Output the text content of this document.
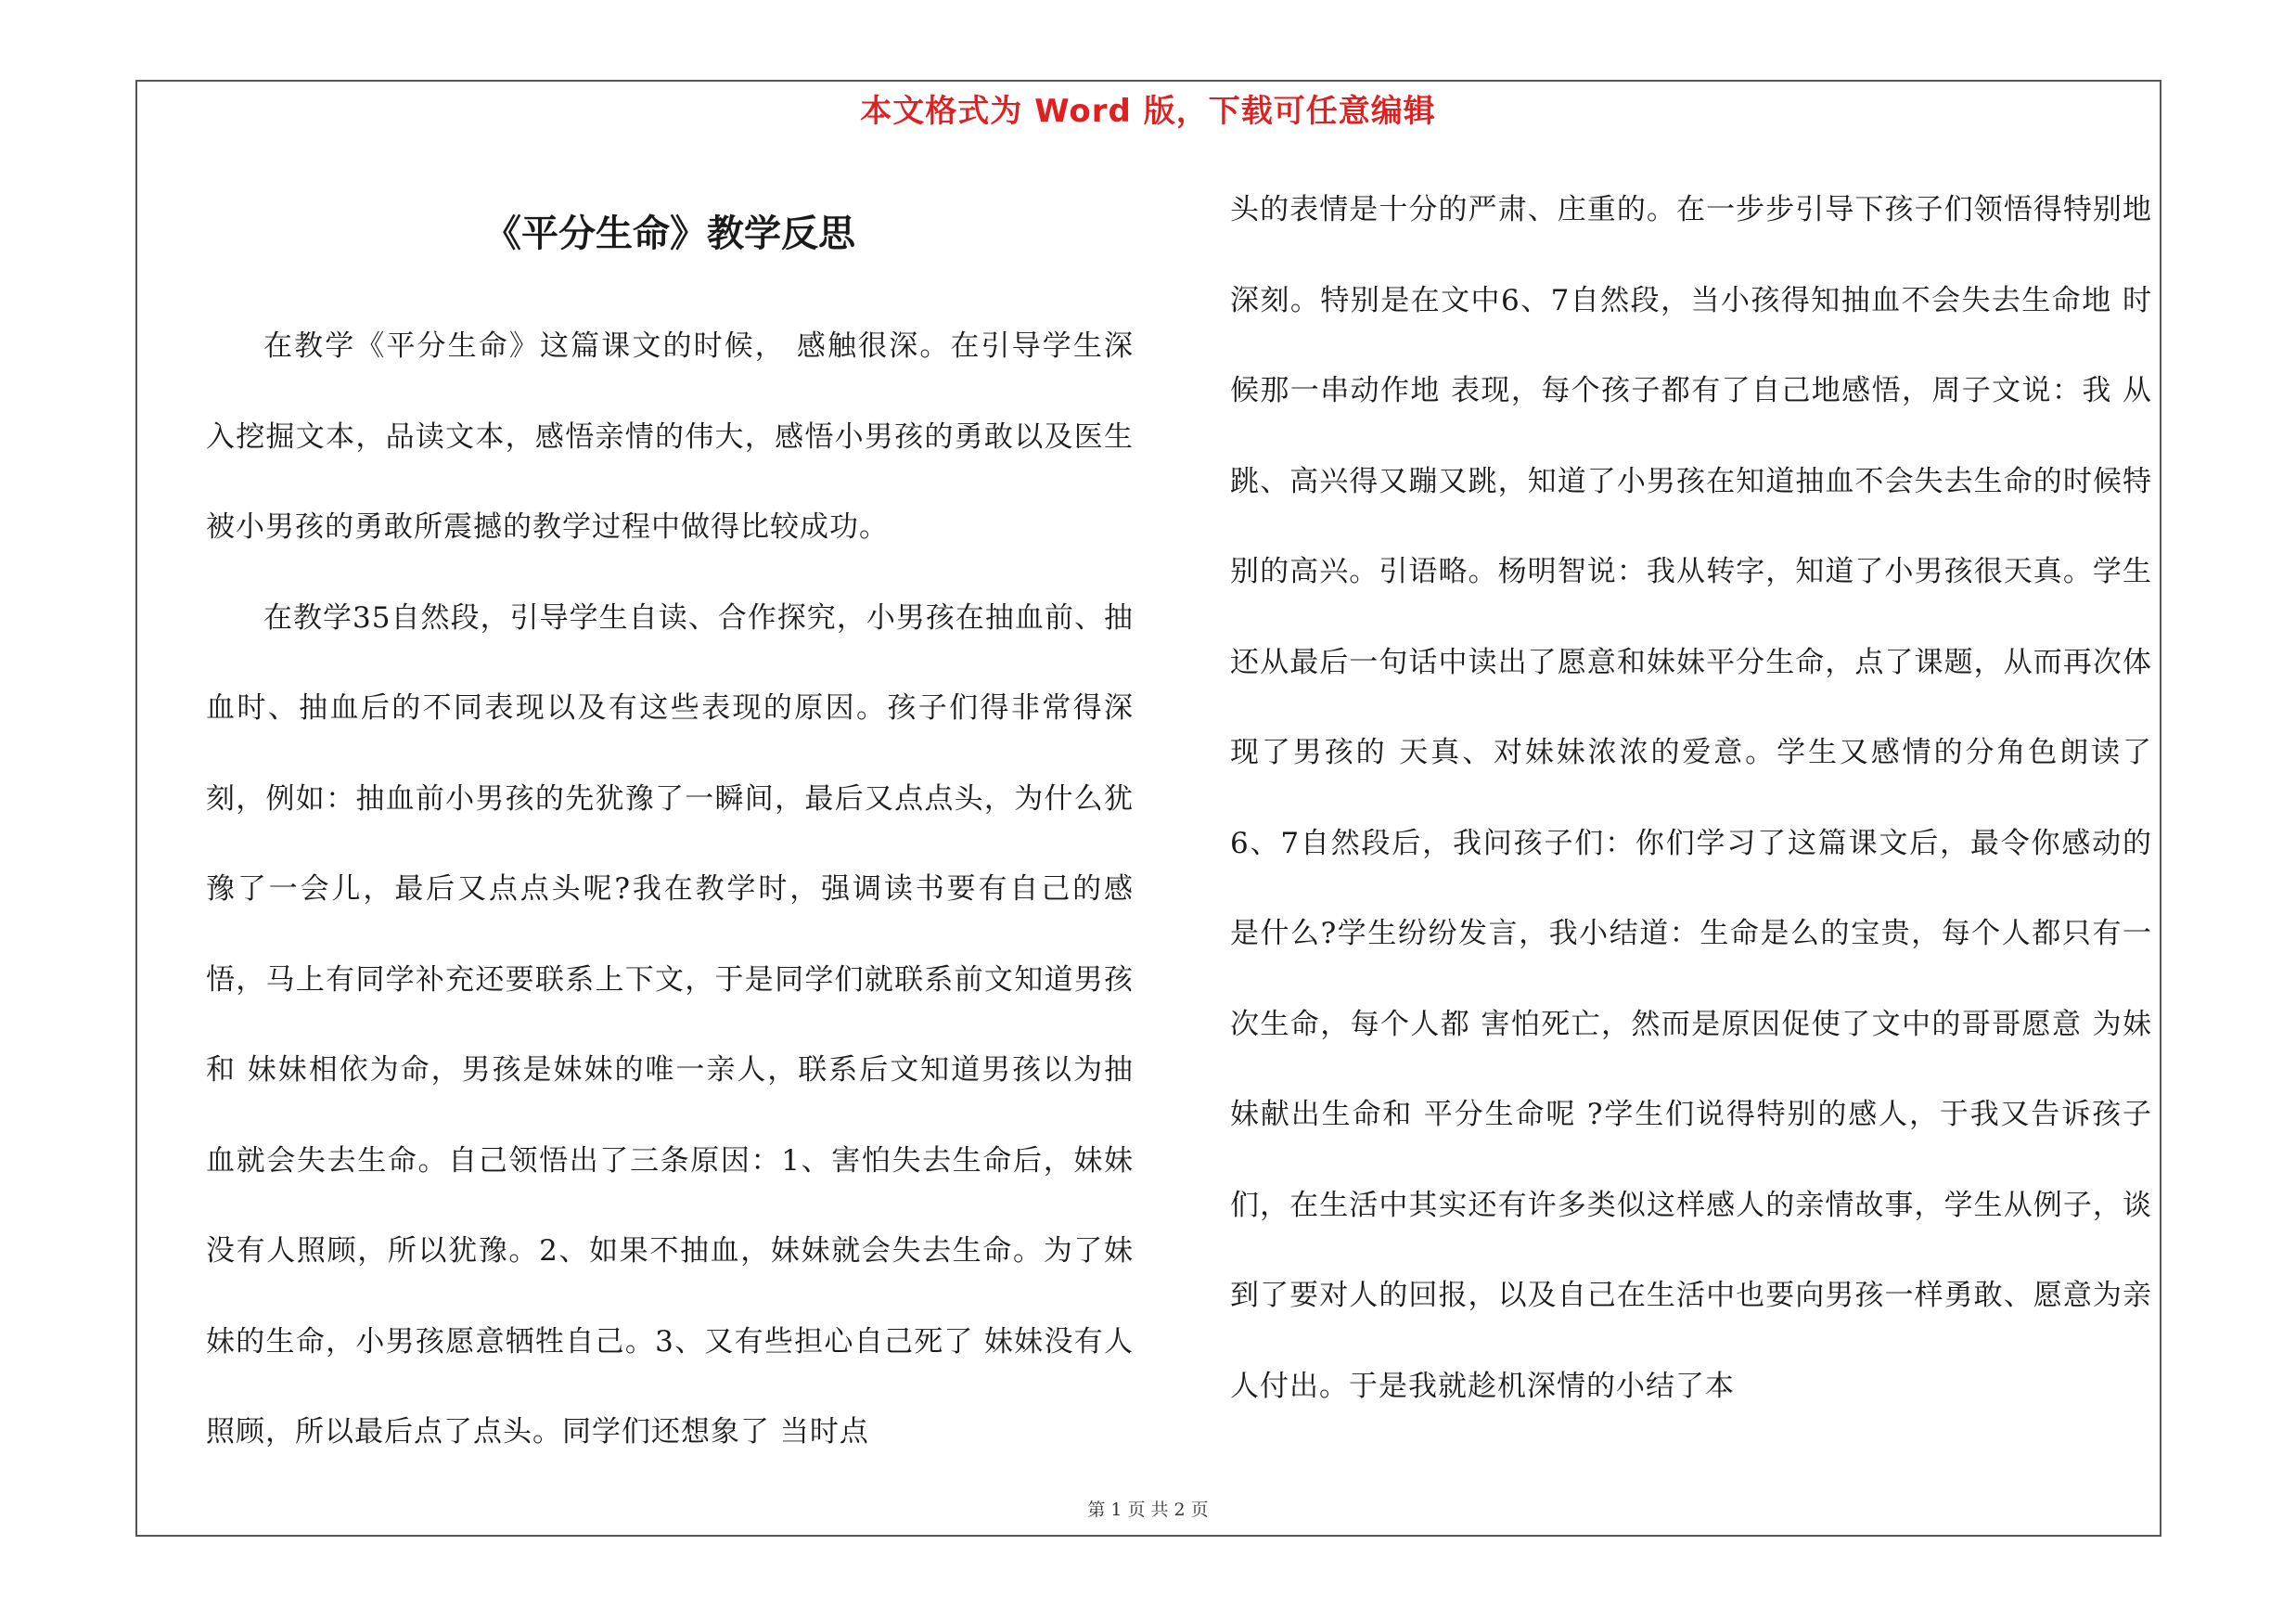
本文格式为 Word 版，下载可任意编辑
《平分生命》教学反思

在教学《平分生命》这篇课文的时候， 感触很深。在引导学生深入挖掘文本，品读文本，感悟亲情的伟大，感悟小男孩的勇敢以及医生被小男孩的勇敢所震撼的教学过程中做得比较成功。

在教学35自然段，引导学生自读、合作探究，小男孩在抽血前、抽血时、抽血后的不同表现以及有这些表现的原因。孩子们得非常得深刻，例如：抽血前小男孩的先犹豫了一瞬间，最后又点点头，为什么犹豫了一会儿，最后又点点头呢?我在教学时，强调读书要有自己的感悟，马上有同学补充还要联系上下文，于是同学们就联系前文知道男孩和 妹妹相依为命，男孩是妹妹的唯一亲人，联系后文知道男孩以为抽血就会失去生命。自己领悟出了三条原因：1、害怕失去生命后，妹妹没有人照顾，所以犹豫。2、如果不抽血，妹妹就会失去生命。为了妹妹的生命，小男孩愿意牺牲自己。3、又有些担心自己死了 妹妹没有人照顾，所以最后点了点头。同学们还想象了 当时点

头的表情是十分的严肃、庄重的。在一步步引导下孩子们领悟得特别地 深刻。特别是在文中6、7自然段，当小孩得知抽血不会失去生命地 时候那一串动作地 表现，每个孩子都有了自己地感悟，周子文说：我 从跳、高兴得又蹦又跳，知道了小男孩在知道抽血不会失去生命的时候特别的高兴。引语略。杨明智说：我从转字，知道了小男孩很天真。学生还从最后一句话中读出了愿意和妹妹平分生命，点了课题，从而再次体现了男孩的 天真、对妹妹浓浓的爱意。学生又感情的分角色朗读了 6、7自然段后，我问孩子们：你们学习了这篇课文后，最令你感动的是什么?学生纷纷发言，我小结道：生命是么的宝贵，每个人都只有一次生命，每个人都 害怕死亡，然而是原因促使了文中的哥哥愿意 为妹妹献出生命和 平分生命呢 ?学生们说得特别的感人，于我又告诉孩子们，在生活中其实还有许多类似这样感人的亲情故事，学生从例子，谈到了要对人的回报，以及自己在生活中也要向男孩一样勇敢、愿意为亲人付出。于是我就趁机深情的小结了本

第 1 页 共 2 页
